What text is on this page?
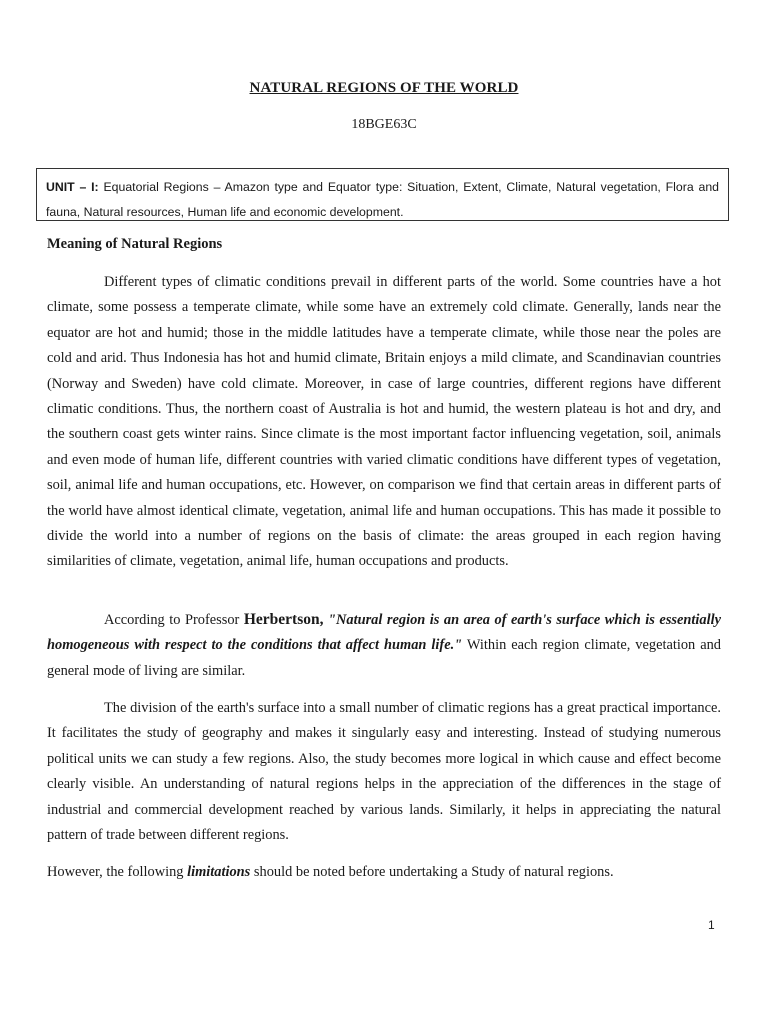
NATURAL REGIONS OF THE WORLD
18BGE63C
UNIT – I: Equatorial Regions – Amazon type and Equator type: Situation, Extent, Climate, Natural vegetation, Flora and fauna, Natural resources, Human life and economic development.
Meaning of Natural Regions

Different types of climatic conditions prevail in different parts of the world. Some countries have a hot climate, some possess a temperate climate, while some have an extremely cold climate. Generally, lands near the equator are hot and humid; those in the middle latitudes have a temperate climate, while those near the poles are cold and arid. Thus Indonesia has hot and humid climate, Britain enjoys a mild climate, and Scandinavian countries (Norway and Sweden) have cold climate. Moreover, in case of large countries, different regions have different climatic conditions. Thus, the northern coast of Australia is hot and humid, the western plateau is hot and dry, and the southern coast gets winter rains. Since climate is the most important factor influencing vegetation, soil, animals and even mode of human life, different countries with varied climatic conditions have different types of vegetation, soil, animal life and human occupations, etc. However, on comparison we find that certain areas in different parts of the world have almost identical climate, vegetation, animal life and human occupations. This has made it possible to divide the world into a number of regions on the basis of climate: the areas grouped in each region having similarities of climate, vegetation, animal life, human occupations and products.

According to Professor Herbertson, "Natural region is an area of earth's surface which is essentially homogeneous with respect to the conditions that affect human life." Within each region climate, vegetation and general mode of living are similar.

The division of the earth's surface into a small number of climatic regions has a great practical importance. It facilitates the study of geography and makes it singularly easy and interesting. Instead of studying numerous political units we can study a few regions. Also, the study becomes more logical in which cause and effect become clearly visible. An understanding of natural regions helps in the appreciation of the differences in the stage of industrial and commercial development reached by various lands. Similarly, it helps in appreciating the natural pattern of trade between different regions.

However, the following limitations should be noted before undertaking a Study of natural regions.

1
